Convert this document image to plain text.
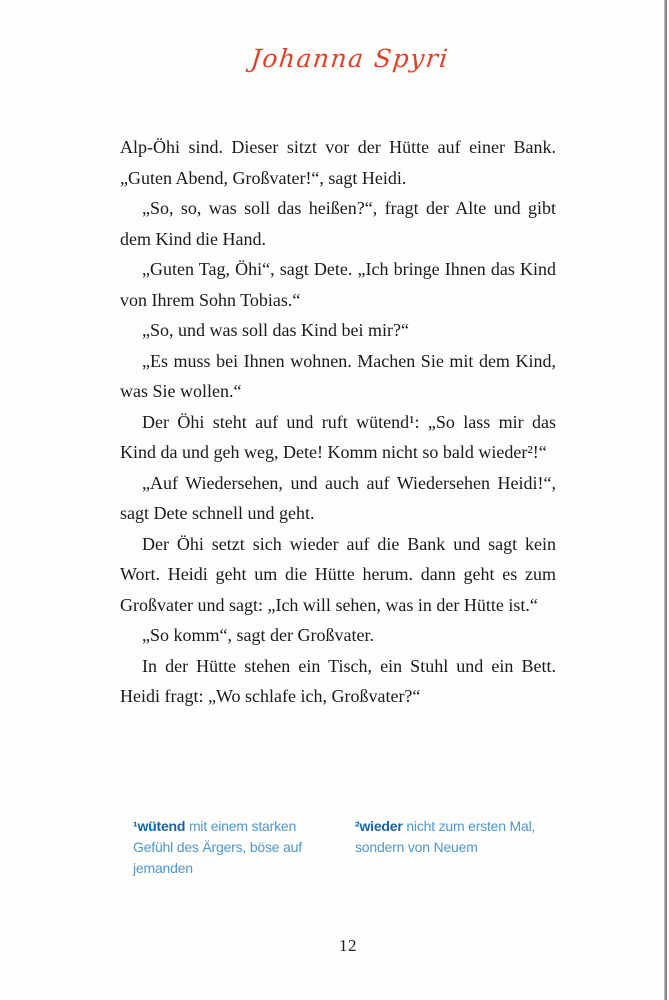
Johanna Spyri

Alp-Öhi sind. Dieser sitzt vor der Hütte auf einer Bank. „Guten Abend, Großvater!“, sagt Heidi.

„So, so, was soll das heißen?“, fragt der Alte und gibt dem Kind die Hand.

„Guten Tag, Öhi“, sagt Dete. „Ich bringe Ihnen das Kind von Ihrem Sohn Tobias.“

„So, und was soll das Kind bei mir?“

„Es muss bei Ihnen wohnen. Machen Sie mit dem Kind, was Sie wollen.“

Der Öhi steht auf und ruft wütend¹: „So lass mir das Kind da und geh weg, Dete! Komm nicht so bald wieder²!“

„Auf Wiedersehen, und auch auf Wiedersehen Heidi!“, sagt Dete schnell und geht.

Der Öhi setzt sich wieder auf die Bank und sagt kein Wort. Heidi geht um die Hütte herum. dann geht es zum Großvater und sagt: „Ich will sehen, was in der Hütte ist.“

„So komm“, sagt der Großvater.

In der Hütte stehen ein Tisch, ein Stuhl und ein Bett. Heidi fragt: „Wo schlafe ich, Großvater?“

¹wütend mit einem starken Gefühl des Ärgers, böse auf jemanden
²wieder nicht zum ersten Mal, sondern von Neuem
12
